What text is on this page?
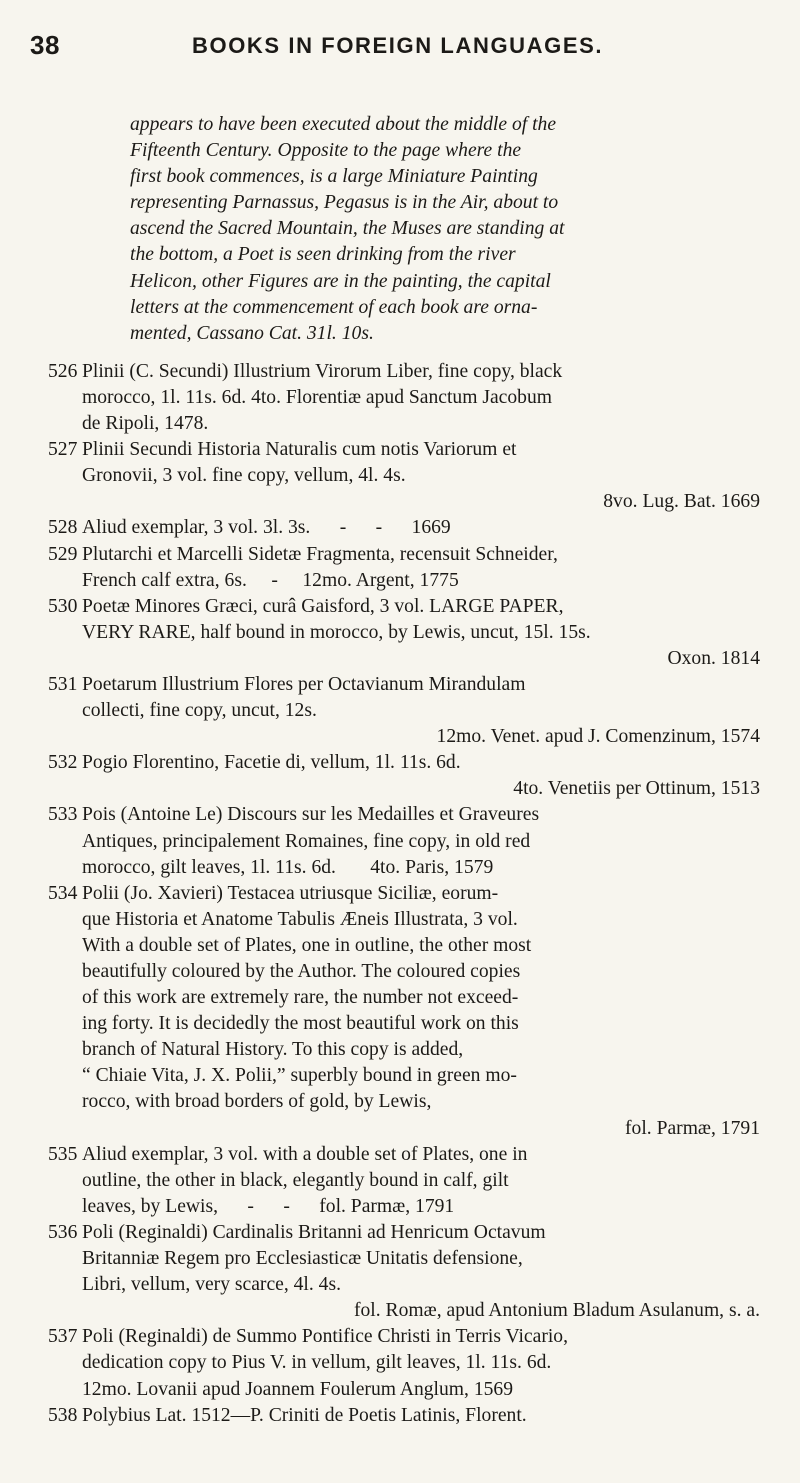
38	BOOKS IN FOREIGN LANGUAGES.
appears to have been executed about the middle of the
Fifteenth Century. Opposite to the page where the
first book commences, is a large Miniature Painting
representing Parnassus, Pegasus is in the Air, about to
ascend the Sacred Mountain, the Muses are standing at
the bottom, a Poet is seen drinking from the river
Helicon, other Figures are in the painting, the capital
letters at the commencement of each book are orna-
mented, Cassano Cat. 31l. 10s.
526 Plinii (C. Secundi) Illustrium Virorum Liber, fine copy, black
morocco, 1l. 11s. 6d. 4to. Florentiæ apud Sanctum Jacobum
de Ripoli, 1478.
527 Plinii Secundi Historia Naturalis cum notis Variorum et
Gronovii, 3 vol. fine copy, vellum, 4l. 4s.
8vo. Lug. Bat. 1669
528 Aliud exemplar, 3 vol. 3l. 3s.      -      -      1669
529 Plutarchi et Marcelli Sidetæ Fragmenta, recensuit Schneider,
French calf extra, 6s.     -     12mo. Argent, 1775
530 Poetæ Minores Græci, curâ Gaisford, 3 vol. LARGE PAPER,
VERY RARE, half bound in morocco, by Lewis, uncut, 15l. 15s.
Oxon. 1814
531 Poetarum Illustrium Flores per Octavianum Mirandulam
collecti, fine copy, uncut, 12s.
12mo. Venet. apud J. Comenzinum, 1574
532 Pogio Florentino, Facetie di, vellum, 1l. 11s. 6d.
4to. Venetiis per Ottinum, 1513
533 Pois (Antoine Le) Discours sur les Medailles et Graveures
Antiques, principalement Romaines, fine copy, in old red
morocco, gilt leaves, 1l. 11s. 6d.       4to. Paris, 1579
534 Polii (Jo. Xavieri) Testacea utriusque Siciliæ, eorum-
que Historia et Anatome Tabulis Æneis Illustrata, 3 vol.
With a double set of Plates, one in outline, the other most
beautifully coloured by the Author. The coloured copies
of this work are extremely rare, the number not exceed-
ing forty. It is decidedly the most beautiful work on this
branch of Natural History. To this copy is added,
“ Chiaie Vita, J. X. Polii,” superbly bound in green mo-
rocco, with broad borders of gold, by Lewis,
fol. Parmæ, 1791
535 Aliud exemplar, 3 vol. with a double set of Plates, one in
outline, the other in black, elegantly bound in calf, gilt
leaves, by Lewis,      -      -      fol. Parmæ, 1791
536 Poli (Reginaldi) Cardinalis Britanni ad Henricum Octavum
Britanniæ Regem pro Ecclesiasticæ Unitatis defensione,
Libri, vellum, very scarce, 4l. 4s.
fol. Romæ, apud Antonium Bladum Asulanum, s. a.
537 Poli (Reginaldi) de Summo Pontifice Christi in Terris Vicario,
dedication copy to Pius V. in vellum, gilt leaves, 1l. 11s. 6d.
12mo. Lovanii apud Joannem Foulerum Anglum, 1569
538 Polybius Lat. 1512—P. Criniti de Poetis Latinis, Florent.
